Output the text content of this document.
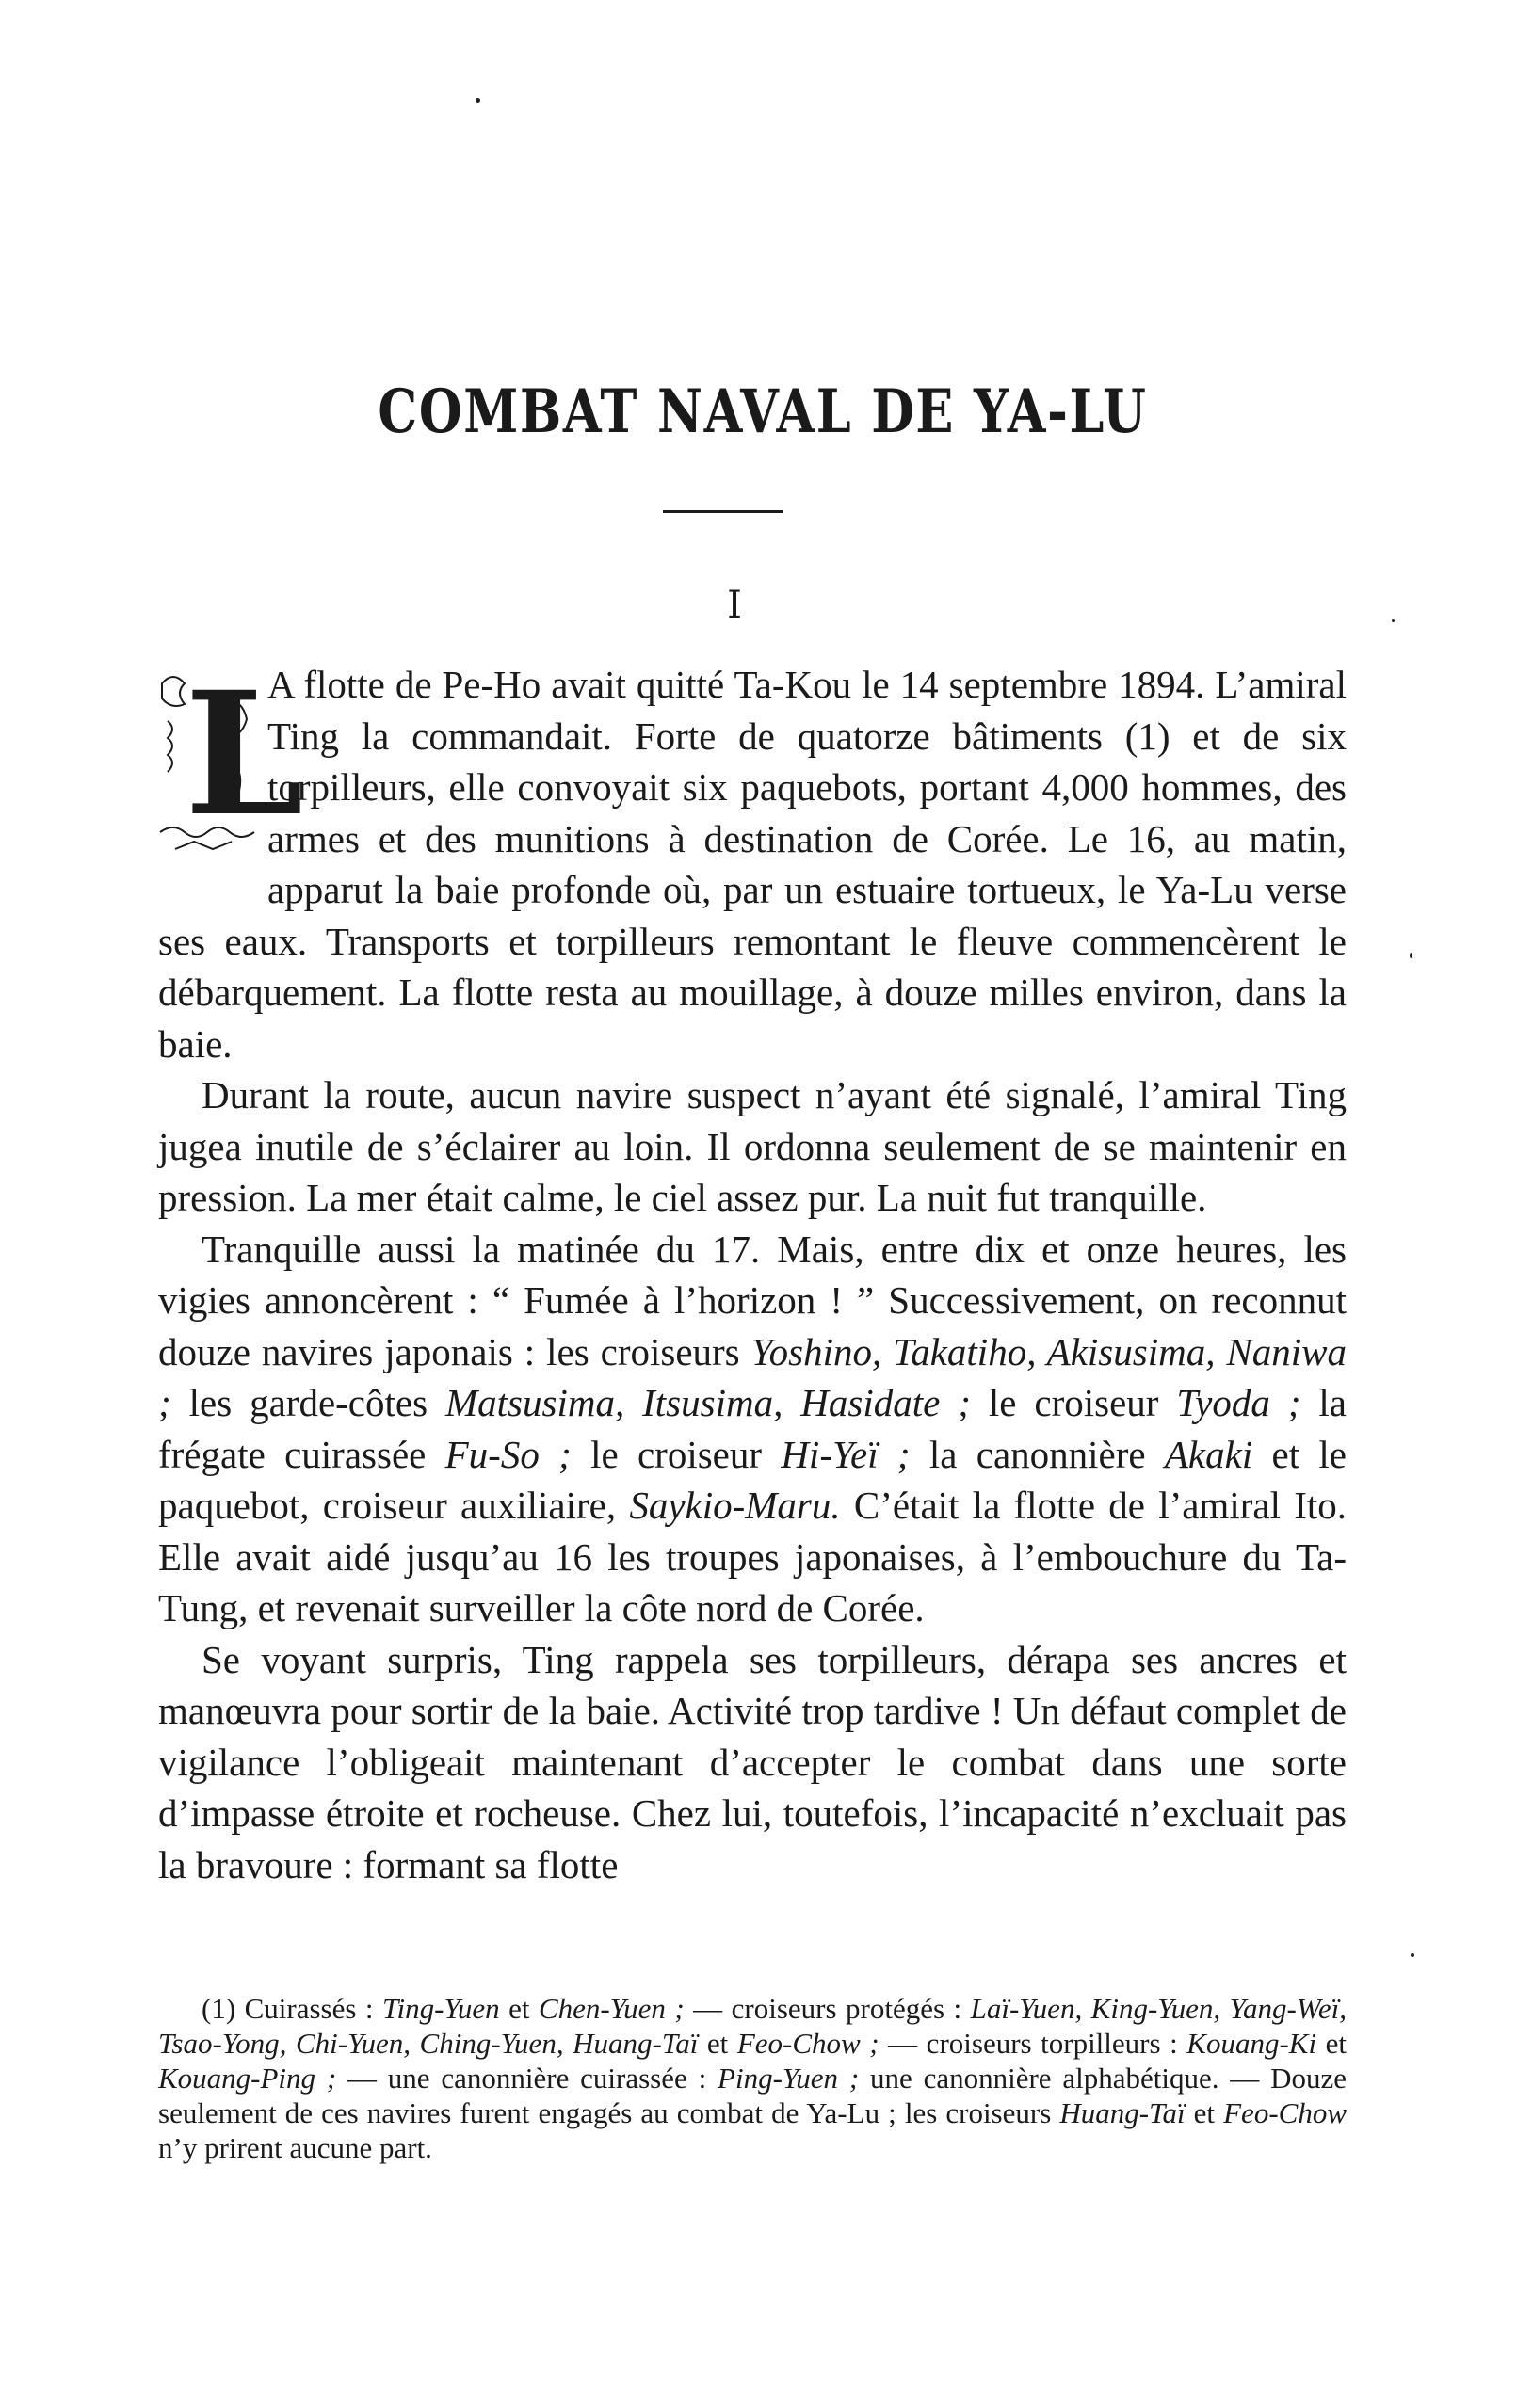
COMBAT NAVAL DE YA-LU
I

L
A flotte de Pe-Ho avait quitté Ta-Kou le 14 septembre 1894. L’amiral Ting la commandait. Forte de quatorze bâtiments (1) et de six torpilleurs, elle convoyait six paquebots, portant 4,000 hommes, des armes et des munitions à destination de Corée. Le 16, au matin, apparut la baie profonde où, par un estuaire tortueux, le Ya-Lu verse ses eaux. Transports et torpilleurs remontant le fleuve commencèrent le débarquement. La flotte resta au mouillage, à douze milles environ, dans la baie.

Durant la route, aucun navire suspect n’ayant été signalé, l’amiral Ting jugea inutile de s’éclairer au loin. Il ordonna seulement de se maintenir en pression. La mer était calme, le ciel assez pur. La nuit fut tranquille.

Tranquille aussi la matinée du 17. Mais, entre dix et onze heures, les vigies annoncèrent : “ Fumée à l’horizon ! ” Successivement, on reconnut douze navires japonais : les croiseurs Yoshino, Takatiho, Akisusima, Naniwa ; les garde-côtes Matsusima, Itsusima, Hasidate ; le croiseur Tyoda ; la frégate cuirassée Fu-So ; le croiseur Hi-Yeï ; la canonnière Akaki et le paquebot, croiseur auxiliaire, Saykio-Maru. C’était la flotte de l’amiral Ito. Elle avait aidé jusqu’au 16 les troupes japonaises, à l’embouchure du Ta-Tung, et revenait surveiller la côte nord de Corée.

Se voyant surpris, Ting rappela ses torpilleurs, dérapa ses ancres et manœuvra pour sortir de la baie. Activité trop tardive ! Un défaut complet de vigilance l’obligeait maintenant d’accepter le combat dans une sorte d’impasse étroite et rocheuse. Chez lui, toutefois, l’incapacité n’excluait pas la bravoure : formant sa flotte

(1) Cuirassés : Ting-Yuen et Chen-Yuen ; — croiseurs protégés : Laï-Yuen, King-Yuen, Yang-Weï, Tsao-Yong, Chi-Yuen, Ching-Yuen, Huang-Taï et Feo-Chow ; — croiseurs torpilleurs : Kouang-Ki et Kouang-Ping ; — une canonnière cuirassée : Ping-Yuen ; une canonnière alphabétique. — Douze seulement de ces navires furent engagés au combat de Ya-Lu ; les croiseurs Huang-Taï et Feo-Chow n’y prirent aucune part.
